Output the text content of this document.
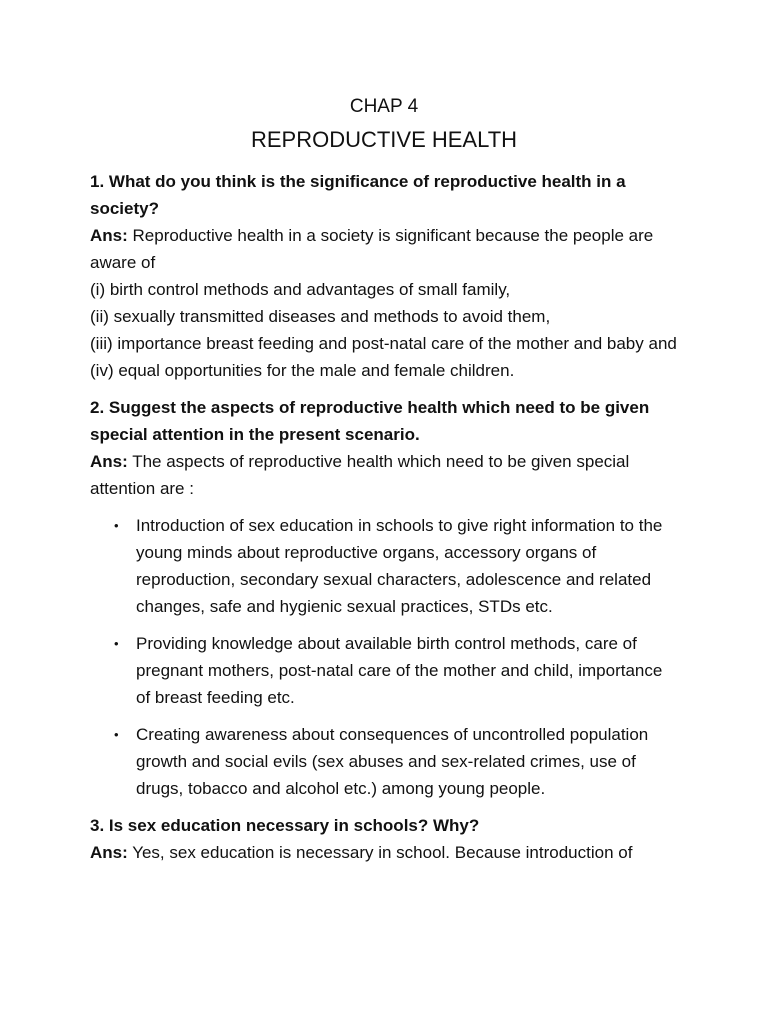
CHAP 4

REPRODUCTIVE HEALTH

1. What do you think is the significance of reproductive health in a society?

Ans: Reproductive health in a society is significant because the people are aware of

(i) birth control methods and advantages of small family,

(ii) sexually transmitted diseases and methods to avoid them,

(iii) importance breast feeding and post-natal care of the mother and baby and

(iv) equal opportunities for the male and female children.

2. Suggest the aspects of reproductive health which need to be given special attention in the present scenario.

Ans: The aspects of reproductive health which need to be given special attention are :

• Introduction of sex education in schools to give right information to the young minds about reproductive organs, accessory organs of reproduction, secondary sexual characters, adolescence and related changes, safe and hygienic sexual practices, STDs etc.
• Providing knowledge about available birth control methods, care of pregnant mothers, post-natal care of the mother and child, importance of breast feeding etc.
• Creating awareness about consequences of uncontrolled population growth and social evils (sex abuses and sex-related crimes, use of drugs, tobacco and alcohol etc.) among young people.

3. Is sex education necessary in schools? Why?

Ans: Yes, sex education is necessary in school. Because introduction of
